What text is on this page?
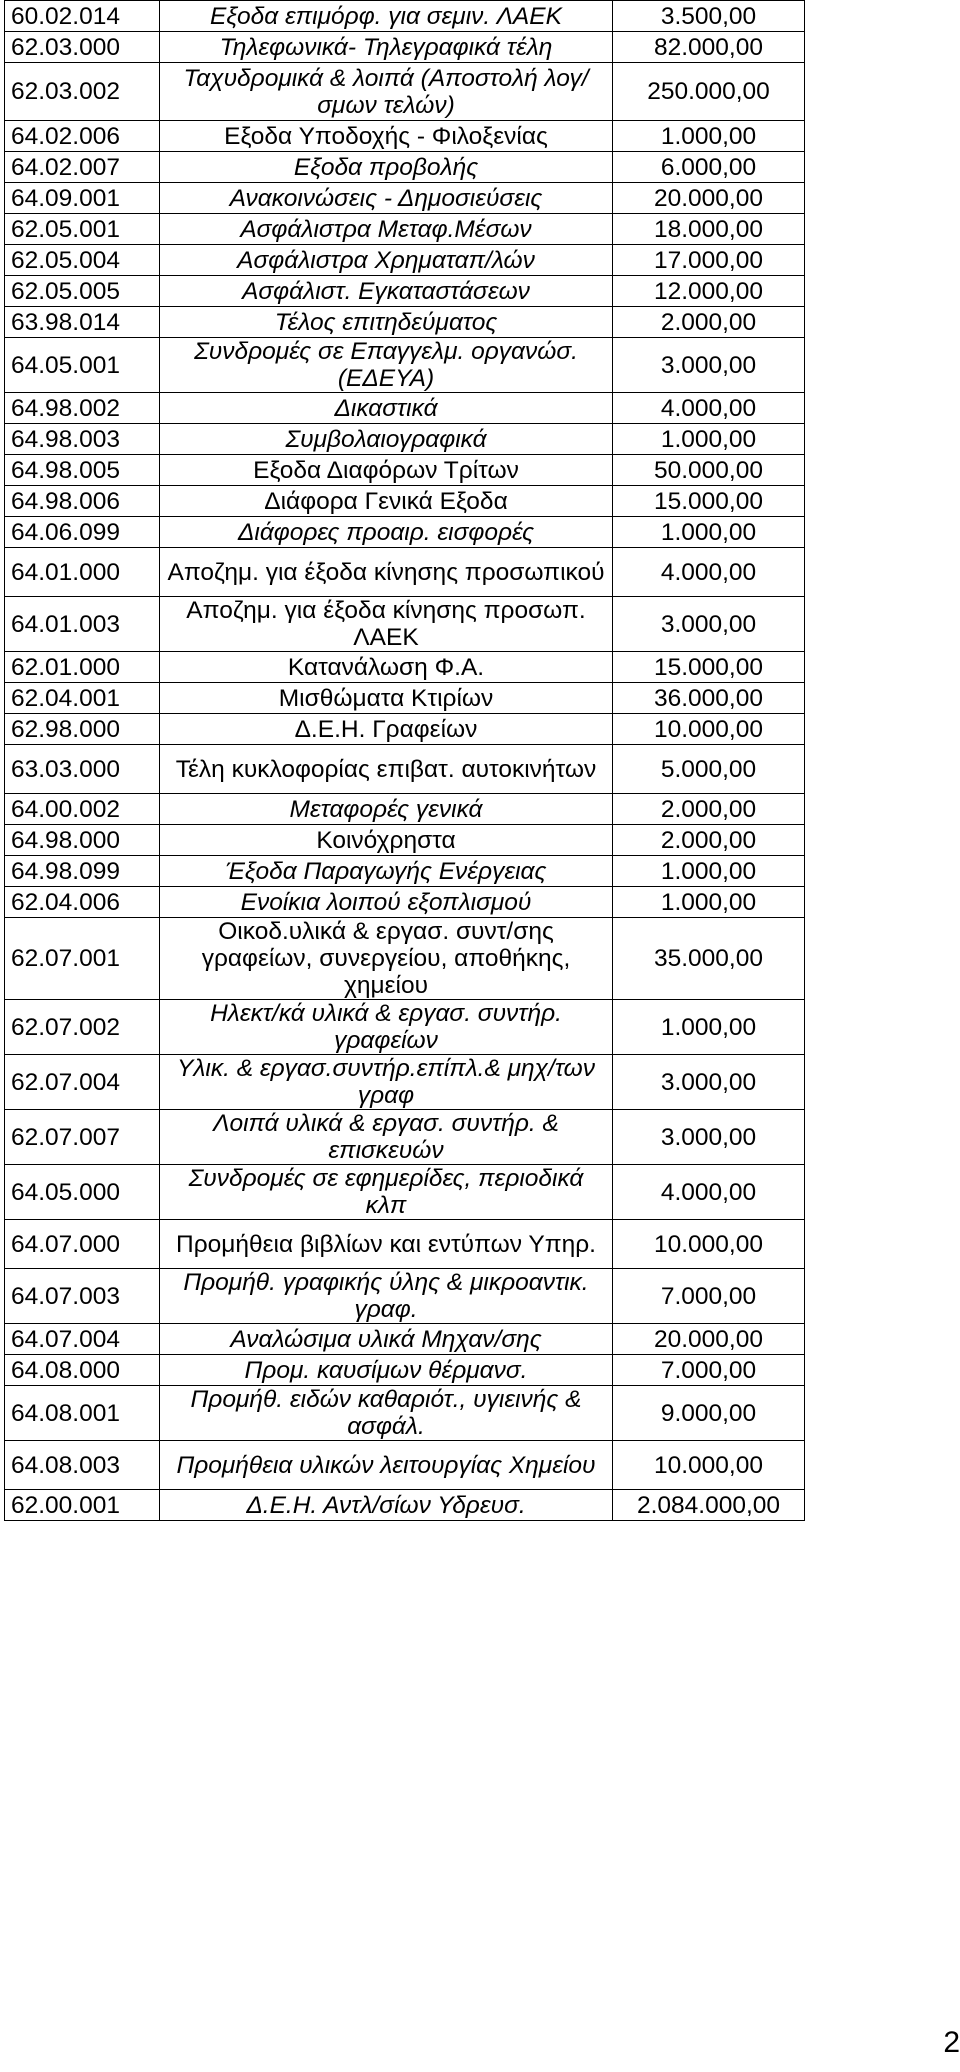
60.02.014	Εξοδα επιμόρφ. για σεμιν. ΛΑΕΚ	3.500,00
62.03.000	Τηλεφωνικά- Τηλεγραφικά τέλη	82.000,00
62.03.002	Ταχυδρομικά & λοιπά (Αποστολή λογ/σμων τελών)	250.000,00
64.02.006	Εξοδα Υποδοχής - Φιλοξενίας	1.000,00
64.02.007	Εξοδα προβολής	6.000,00
64.09.001	Ανακοινώσεις - Δημοσιεύσεις	20.000,00
62.05.001	Ασφάλιστρα Μεταφ.Μέσων	18.000,00
62.05.004	Ασφάλιστρα Χρηματαπ/λών	17.000,00
62.05.005	Ασφάλιστ. Εγκαταστάσεων	12.000,00
63.98.014	Τέλος επιτηδεύματος	2.000,00
64.05.001	Συνδρομές σε Επαγγελμ. οργανώσ.(ΕΔΕΥΑ)	3.000,00
64.98.002	Δικαστικά	4.000,00
64.98.003	Συμβολαιογραφικά	1.000,00
64.98.005	Εξοδα Διαφόρων Τρίτων	50.000,00
64.98.006	Διάφορα Γενικά Εξοδα	15.000,00
64.06.099	Διάφορες προαιρ. εισφορές	1.000,00
64.01.000	Αποζημ. για έξοδα κίνησης προσωπικού	4.000,00
64.01.003	Αποζημ. για έξοδα κίνησης προσωπ. ΛΑΕΚ	3.000,00
62.01.000	Κατανάλωση Φ.Α.	15.000,00
62.04.001	Μισθώματα Κτιρίων	36.000,00
62.98.000	Δ.Ε.Η. Γραφείων	10.000,00
63.03.000	Τέλη κυκλοφορίας επιβατ. αυτοκινήτων	5.000,00
64.00.002	Μεταφορές γενικά	2.000,00
64.98.000	Κοινόχρηστα	2.000,00
64.98.099	Έξοδα Παραγωγής Ενέργειας	1.000,00
62.04.006	Ενοίκια λοιπού εξοπλισμού	1.000,00
62.07.001	Οικοδ.υλικά & εργασ. συντ/σης γραφείων, συνεργείου, αποθήκης, χημείου	35.000,00
62.07.002	Ηλεκτ/κά υλικά & εργασ. συντήρ. γραφείων	1.000,00
62.07.004	Υλικ. & εργασ.συντήρ.επίπλ.& μηχ/των γραφ	3.000,00
62.07.007	Λοιπά υλικά & εργασ. συντήρ. & επισκευών	3.000,00
64.05.000	Συνδρομές σε εφημερίδες, περιοδικά κλπ	4.000,00
64.07.000	Προμήθεια βιβλίων και εντύπων Υπηρ.	10.000,00
64.07.003	Προμήθ. γραφικής ύλης & μικροαντικ. γραφ.	7.000,00
64.07.004	Αναλώσιμα υλικά Μηχαν/σης	20.000,00
64.08.000	Προμ. καυσίμων θέρμανσ.	7.000,00
64.08.001	Προμήθ. ειδών καθαριότ., υγιεινής & ασφάλ.	9.000,00
64.08.003	Προμήθεια υλικών λειτουργίας Χημείου	10.000,00
62.00.001	Δ.Ε.Η. Αντλ/σίων Υδρευσ.	2.084.000,00
2
